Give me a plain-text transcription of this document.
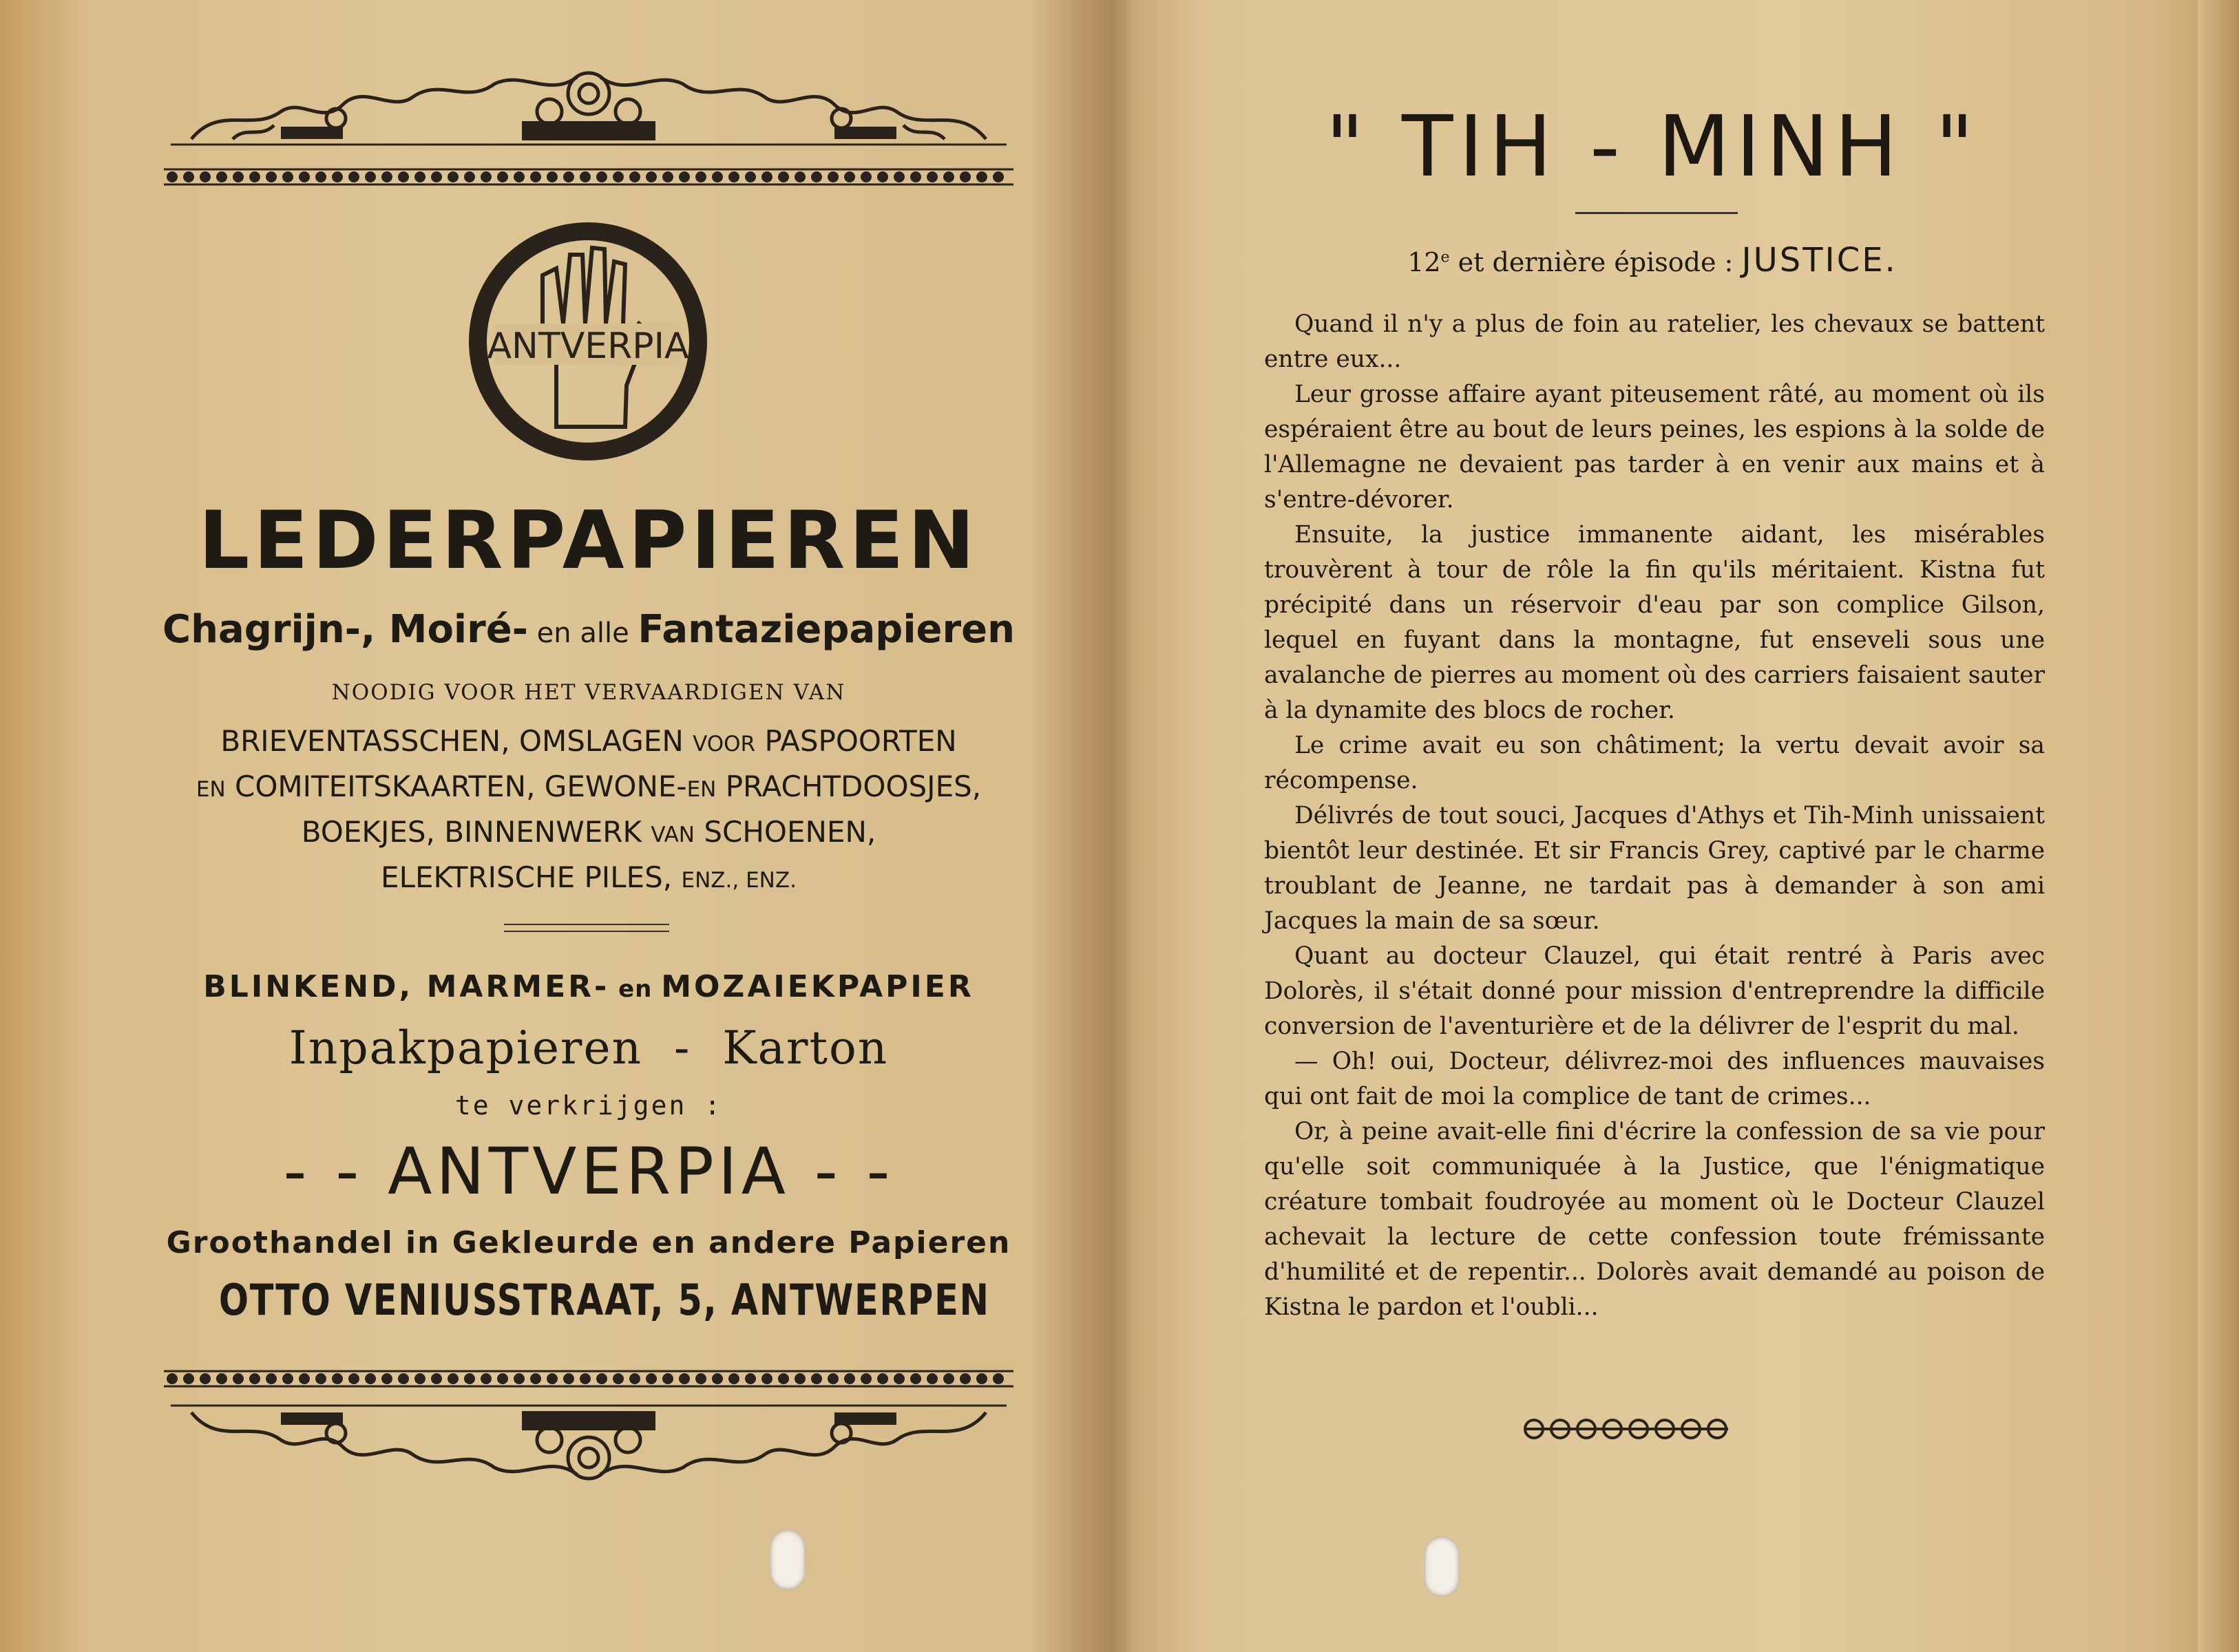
ANTVERPIA
LEDERPAPIEREN
Chagrijn-, Moiré- en alle Fantaziepapieren
NOODIG VOOR HET VERVAARDIGEN VAN
BRIEVENTASSCHEN, OMSLAGEN VOOR PASPOORTEN
EN COMITEITSKAARTEN, GEWONE-EN PRACHTDOOSJES,
BOEKJES, BINNENWERK VAN SCHOENEN,
ELEKTRISCHE PILES, ENZ., ENZ.
BLINKEND, MARMER- en MOZAIEKPAPIER
Inpakpapieren  -  Karton
te verkrijgen :
- - ANTVERPIA - -
Groothandel in Gekleurde en andere Papieren
OTTO VENIUSSTRAAT, 5, ANTWERPEN
" TIH - MINH "
12e et dernière épisode : JUSTICE.

Quand il n'y a plus de foin au ratelier, les chevaux se battent entre eux...

Leur grosse affaire ayant piteusement râté, au moment où ils espéraient être au bout de leurs peines, les espions à la solde de l'Allemagne ne devaient pas tarder à en venir aux mains et à s'entre-dévorer.

Ensuite, la justice immanente aidant, les misérables trouvèrent à tour de rôle la fin qu'ils méritaient. Kistna fut précipité dans un réservoir d'eau par son complice Gilson, lequel en fuyant dans la montagne, fut enseveli sous une avalanche de pierres au moment où des carriers faisaient sauter à la dynamite des blocs de rocher.

Le crime avait eu son châtiment; la vertu devait avoir sa récompense.

Délivrés de tout souci, Jacques d'Athys et Tih-Minh unissaient bientôt leur destinée. Et sir Francis Grey, captivé par le charme troublant de Jeanne, ne tardait pas à demander à son ami Jacques la main de sa sœur.

Quant au docteur Clauzel, qui était rentré à Paris avec Dolorès, il s'était donné pour mission d'entreprendre la difficile conversion de l'aventurière et de la délivrer de l'esprit du mal.

— Oh! oui, Docteur, délivrez-moi des influences mauvaises qui ont fait de moi la complice de tant de crimes...

Or, à peine avait-elle fini d'écrire la confession de sa vie pour qu'elle soit communiquée à la Justice, que l'énigmatique créature tombait foudroyée au moment où le Docteur Clauzel achevait la lecture de cette confession toute frémissante d'humilité et de repentir... Dolorès avait demandé au poison de Kistna le pardon et l'oubli...
